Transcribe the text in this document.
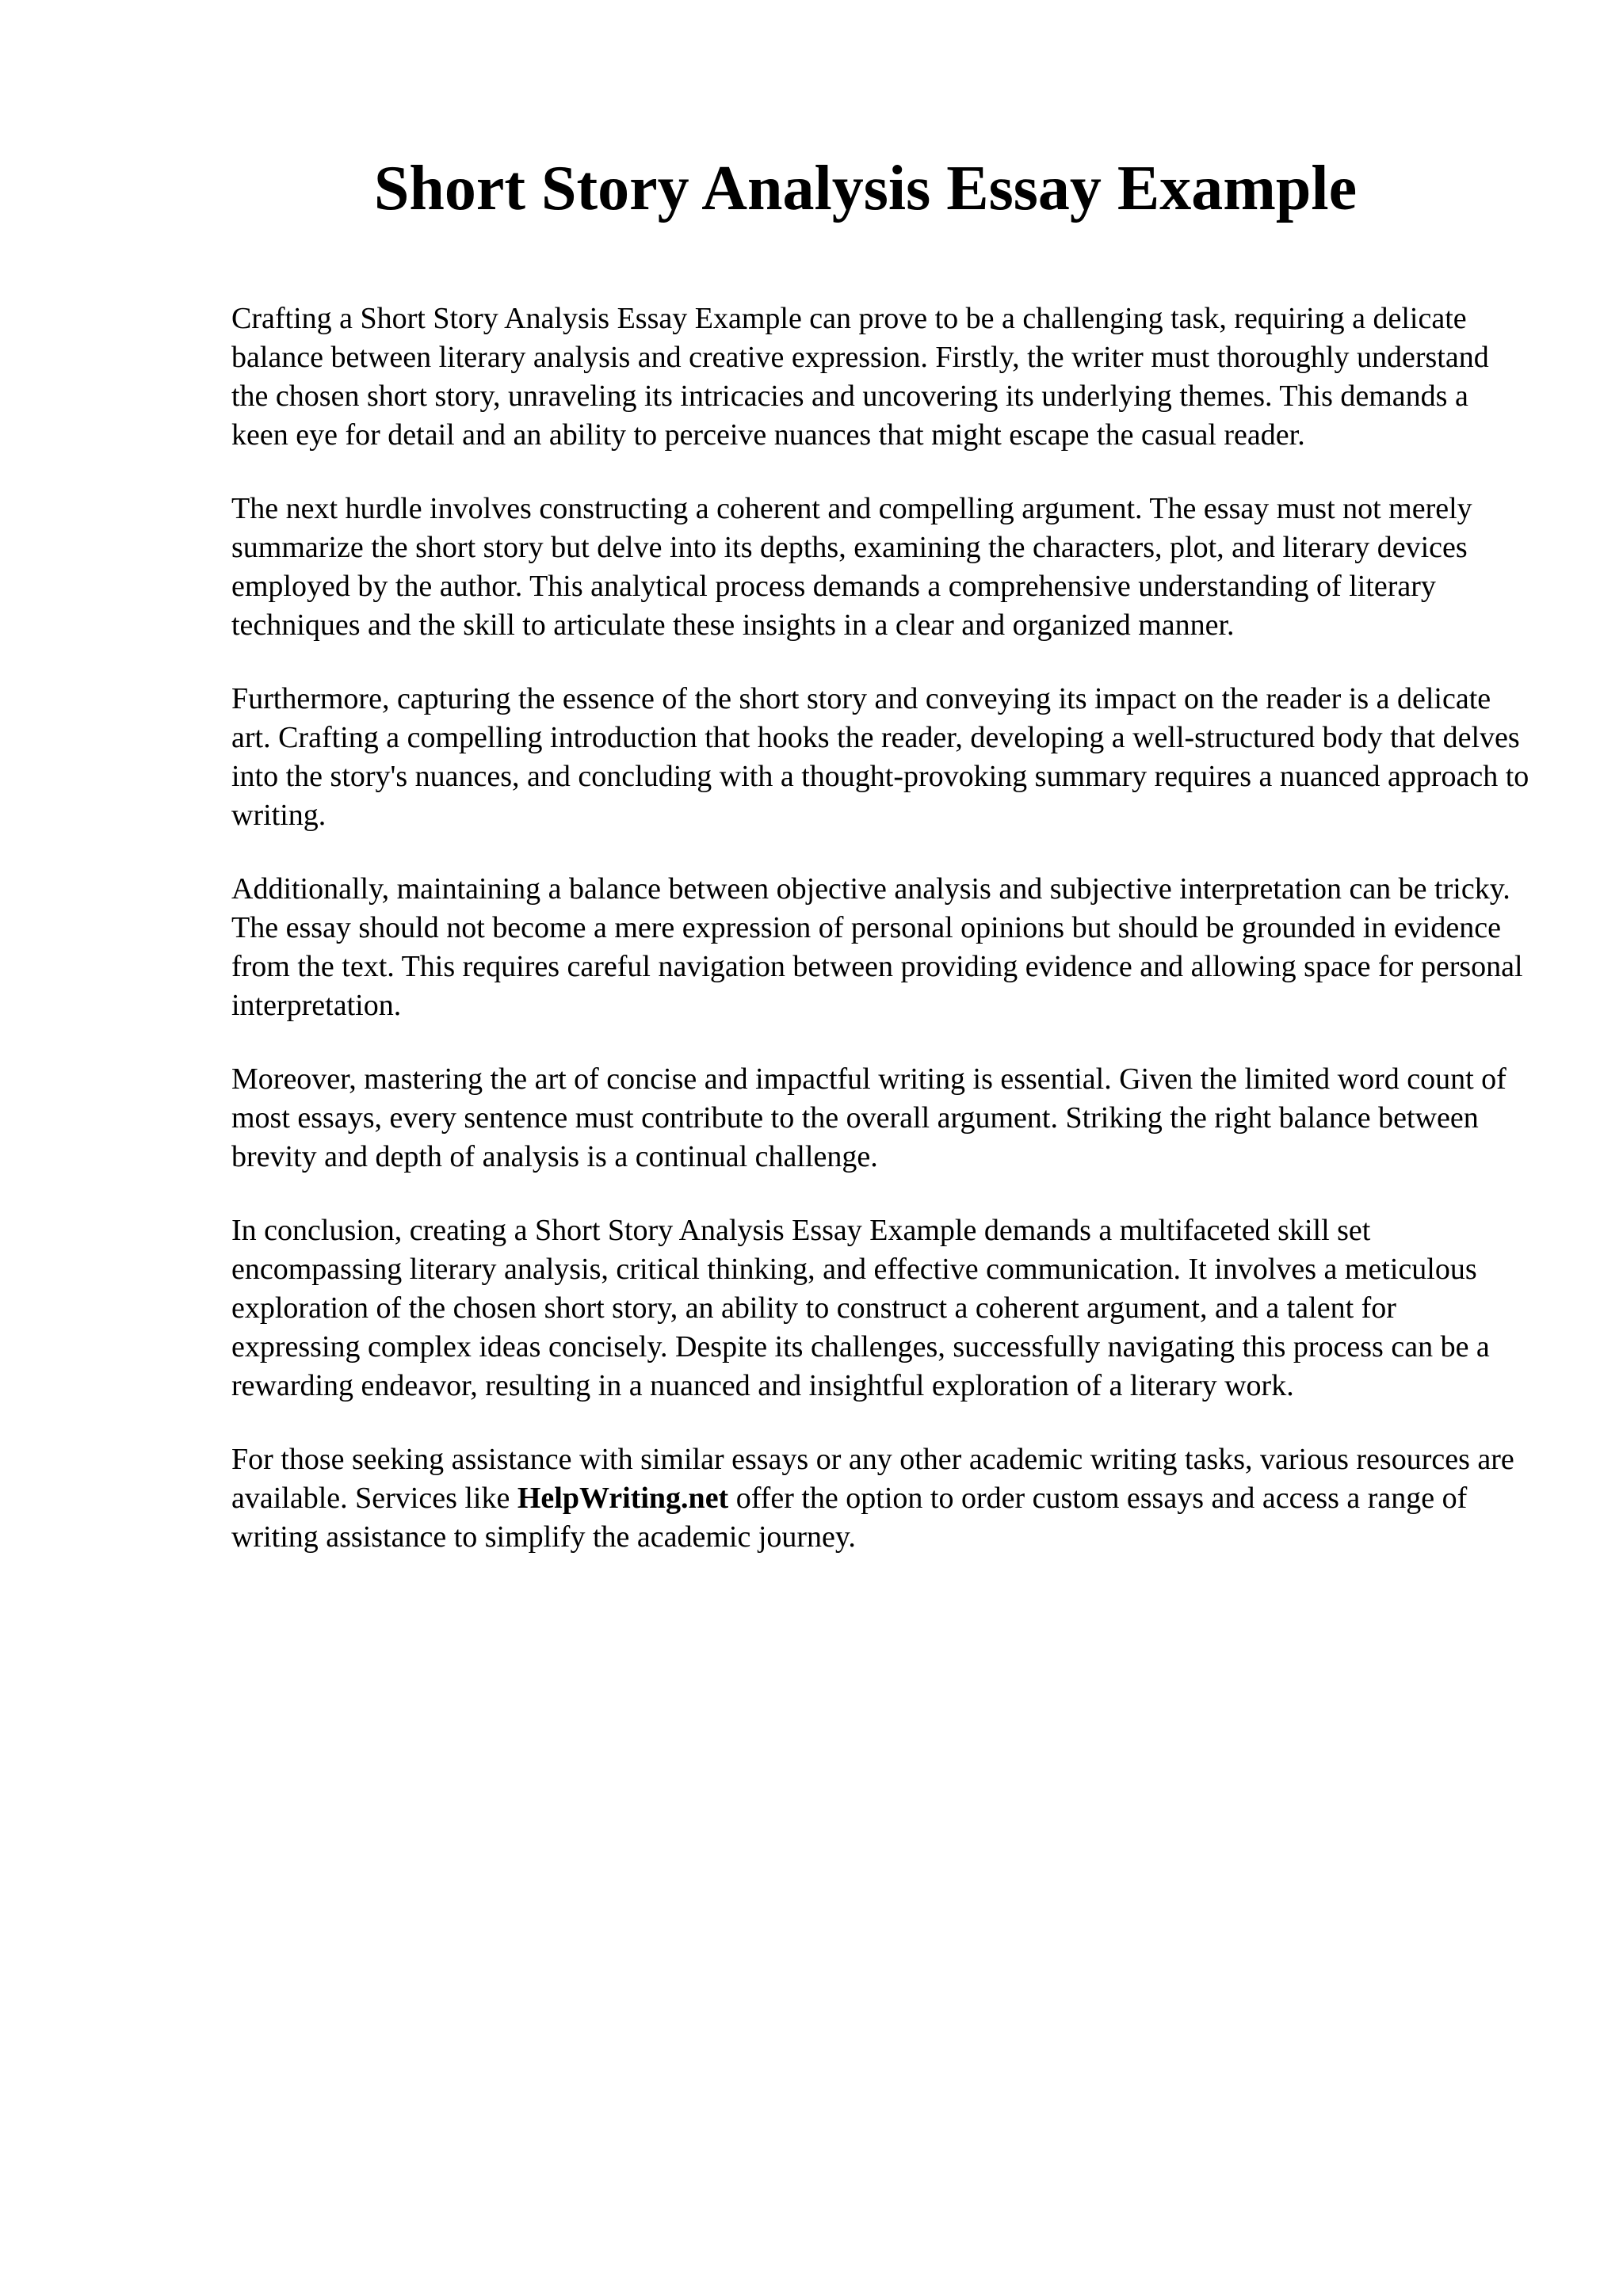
Short Story Analysis Essay Example

Crafting a Short Story Analysis Essay Example can prove to be a challenging task, requiring a delicate balance between literary analysis and creative expression. Firstly, the writer must thoroughly understand the chosen short story, unraveling its intricacies and uncovering its underlying themes. This demands a keen eye for detail and an ability to perceive nuances that might escape the casual reader.

The next hurdle involves constructing a coherent and compelling argument. The essay must not merely summarize the short story but delve into its depths, examining the characters, plot, and literary devices employed by the author. This analytical process demands a comprehensive understanding of literary techniques and the skill to articulate these insights in a clear and organized manner.

Furthermore, capturing the essence of the short story and conveying its impact on the reader is a delicate art. Crafting a compelling introduction that hooks the reader, developing a well-structured body that delves into the story's nuances, and concluding with a thought-provoking summary requires a nuanced approach to writing.

Additionally, maintaining a balance between objective analysis and subjective interpretation can be tricky. The essay should not become a mere expression of personal opinions but should be grounded in evidence from the text. This requires careful navigation between providing evidence and allowing space for personal interpretation.

Moreover, mastering the art of concise and impactful writing is essential. Given the limited word count of most essays, every sentence must contribute to the overall argument. Striking the right balance between brevity and depth of analysis is a continual challenge.

In conclusion, creating a Short Story Analysis Essay Example demands a multifaceted skill set encompassing literary analysis, critical thinking, and effective communication. It involves a meticulous exploration of the chosen short story, an ability to construct a coherent argument, and a talent for expressing complex ideas concisely. Despite its challenges, successfully navigating this process can be a rewarding endeavor, resulting in a nuanced and insightful exploration of a literary work.

For those seeking assistance with similar essays or any other academic writing tasks, various resources are available. Services like HelpWriting.net offer the option to order custom essays and access a range of writing assistance to simplify the academic journey.
